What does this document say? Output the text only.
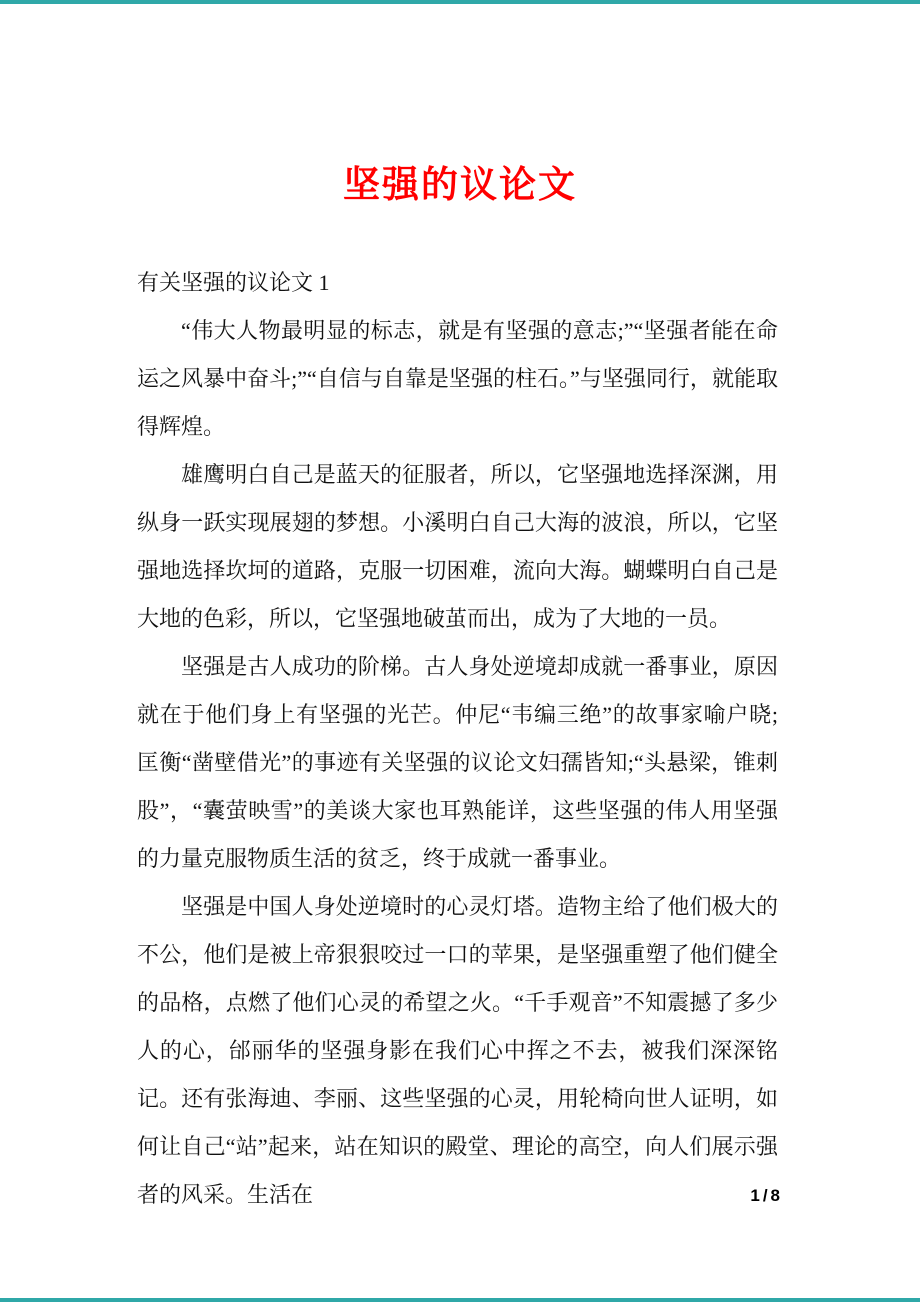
坚强的议论文

有关坚强的议论文 1

“伟大人物最明显的标志，就是有坚强的意志;”“坚强者能在命运之风暴中奋斗;”“自信与自靠是坚强的柱石。”与坚强同行，就能取得辉煌。

雄鹰明白自己是蓝天的征服者，所以，它坚强地选择深渊，用纵身一跃实现展翅的梦想。小溪明白自己大海的波浪，所以，它坚强地选择坎坷的道路，克服一切困难，流向大海。蝴蝶明白自己是大地的色彩，所以，它坚强地破茧而出，成为了大地的一员。

坚强是古人成功的阶梯。古人身处逆境却成就一番事业，原因就在于他们身上有坚强的光芒。仲尼“韦编三绝”的故事家喻户晓;匡衡“凿壁借光”的事迹有关坚强的议论文妇孺皆知;“头悬梁，锥刺股”，“囊萤映雪”的美谈大家也耳熟能详，这些坚强的伟人用坚强的力量克服物质生活的贫乏，终于成就一番事业。

坚强是中国人身处逆境时的心灵灯塔。造物主给了他们极大的不公，他们是被上帝狠狠咬过一口的苹果，是坚强重塑了他们健全的品格，点燃了他们心灵的希望之火。“千手观音”不知震撼了多少人的心，邰丽华的坚强身影在我们心中挥之不去，被我们深深铭记。还有张海迪、李丽、这些坚强的心灵，用轮椅向世人证明，如何让自己“站”起来，站在知识的殿堂、理论的高空，向人们展示强者的风采。生活在	1/8
